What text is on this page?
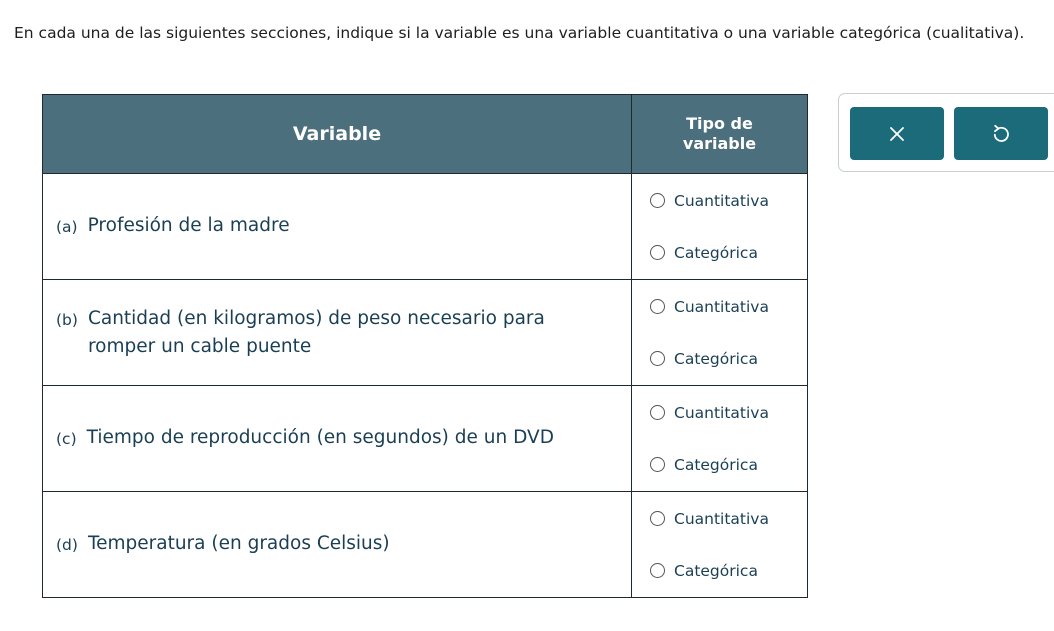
En cada una de las siguientes secciones, indique si la variable es una variable cuantitativa o una variable categórica (cualitativa).

Variable	Tipo de variable

(a) Profesión de la madre	Cuantitativa
Categórica

(b) Cantidad (en kilogramos) de peso necesario para romper un cable puente	Cuantitativa
Categórica

(c) Tiempo de reproducción (en segundos) de un DVD	Cuantitativa
Categórica

(d) Temperatura (en grados Celsius)	Cuantitativa
Categórica
